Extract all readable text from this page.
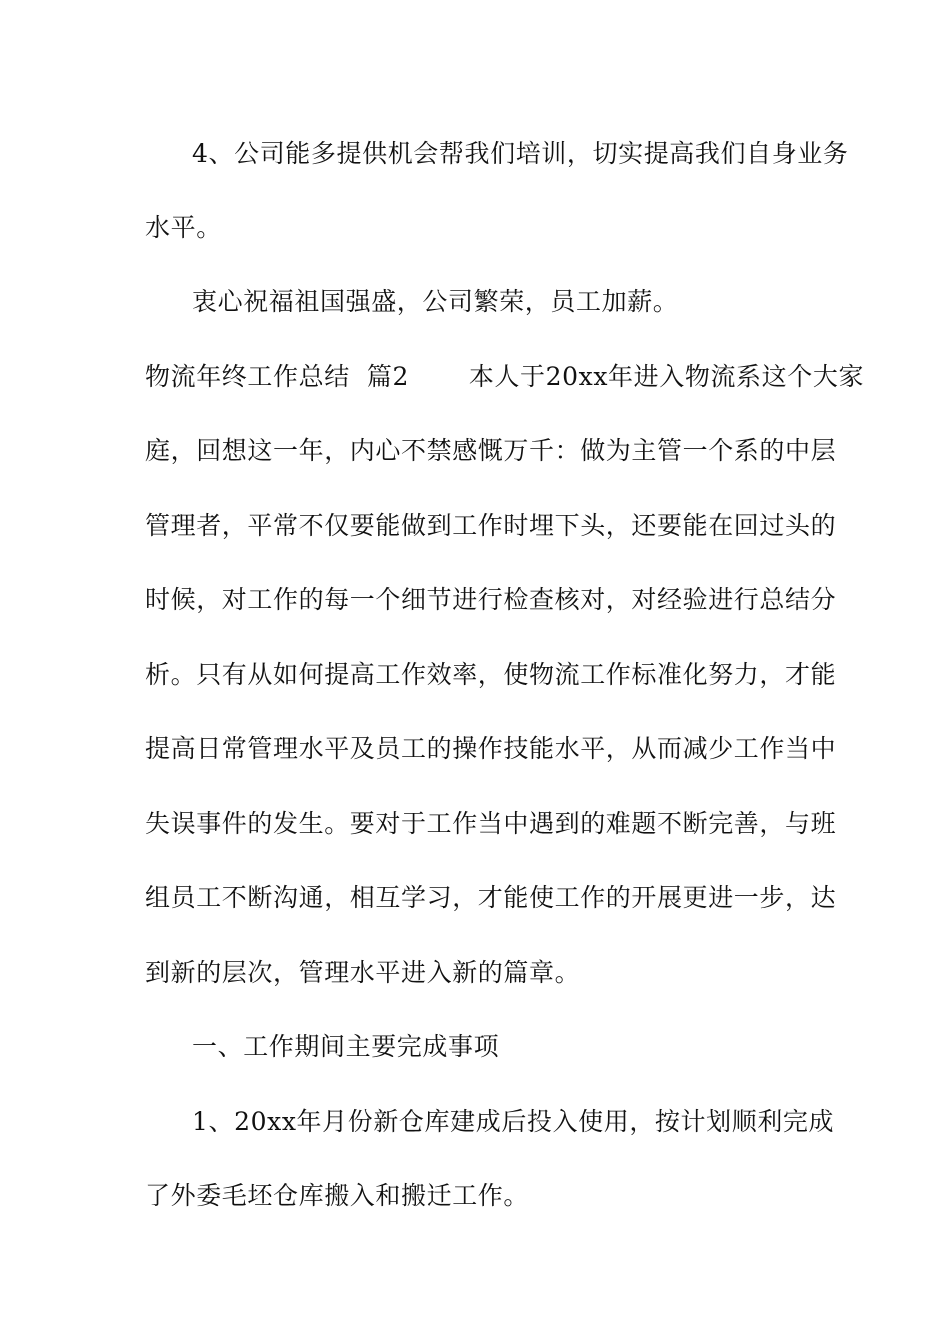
4、公司能多提供机会帮我们培训，切实提高我们自身业务
水平。
衷心祝福祖国强盛，公司繁荣，员工加薪。
物流年终工作总结  篇2       本人于20xx年进入物流系这个大家
庭，回想这一年，内心不禁感慨万千：做为主管一个系的中层
管理者，平常不仅要能做到工作时埋下头，还要能在回过头的
时候，对工作的每一个细节进行检查核对，对经验进行总结分
析。只有从如何提高工作效率，使物流工作标准化努力，才能
提高日常管理水平及员工的操作技能水平，从而减少工作当中
失误事件的发生。要对于工作当中遇到的难题不断完善，与班
组员工不断沟通，相互学习，才能使工作的开展更进一步，达
到新的层次，管理水平进入新的篇章。
一、工作期间主要完成事项
1、20xx年月份新仓库建成后投入使用，按计划顺利完成
了外委毛坯仓库搬入和搬迁工作。
